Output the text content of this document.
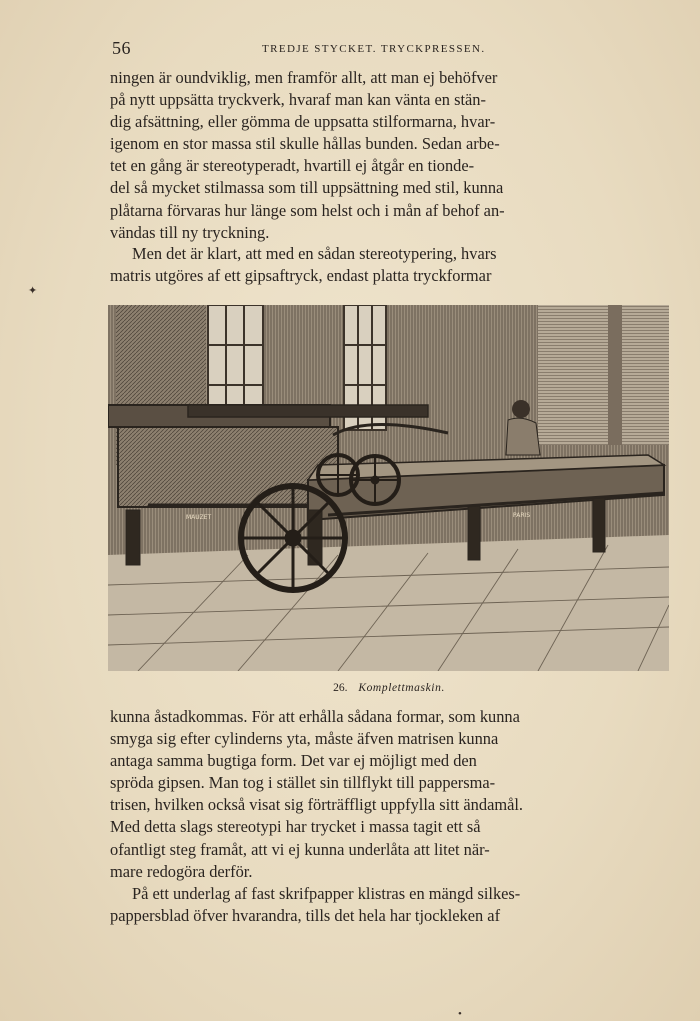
56	TREDJE STYCKET. TRYCKPRESSEN.

ningen är oundviklig, men framför allt, att man ej behöfver

på nytt uppsätta tryckverk, hvaraf man kan vänta en stän-

dig afsättning, eller gömma de uppsatta stilformarna, hvar-

igenom en stor massa stil skulle hållas bunden. Sedan arbe-

tet en gång är stereotyperadt, hvartill ej åtgår en tionde-

del så mycket stilmassa som till uppsättning med stil, kunna

plåtarna förvaras hur länge som helst och i mån af behof an-

vändas till ny tryckning.

Men det är klart, att med en sådan stereotypering, hvars

matris utgöres af ett gipsaftryck, endast platta tryckformar

MAUZET	PARIS
26. Komplettmaskin.

kunna åstadkommas. För att erhålla sådana formar, som kunna

smyga sig efter cylinderns yta, måste äfven matrisen kunna

antaga samma bugtiga form. Det var ej möjligt med den

spröda gipsen. Man tog i stället sin tillflykt till pappersma-

trisen, hvilken också visat sig förträffligt uppfylla sitt ändamål.

Med detta slags stereotypi har trycket i massa tagit ett så

ofantligt steg framåt, att vi ej kunna underlåta att litet när-

mare redogöra derför.

På ett underlag af fast skrifpapper klistras en mängd silkes-

pappersblad öfver hvarandra, tills det hela har tjockleken af

✦
•
